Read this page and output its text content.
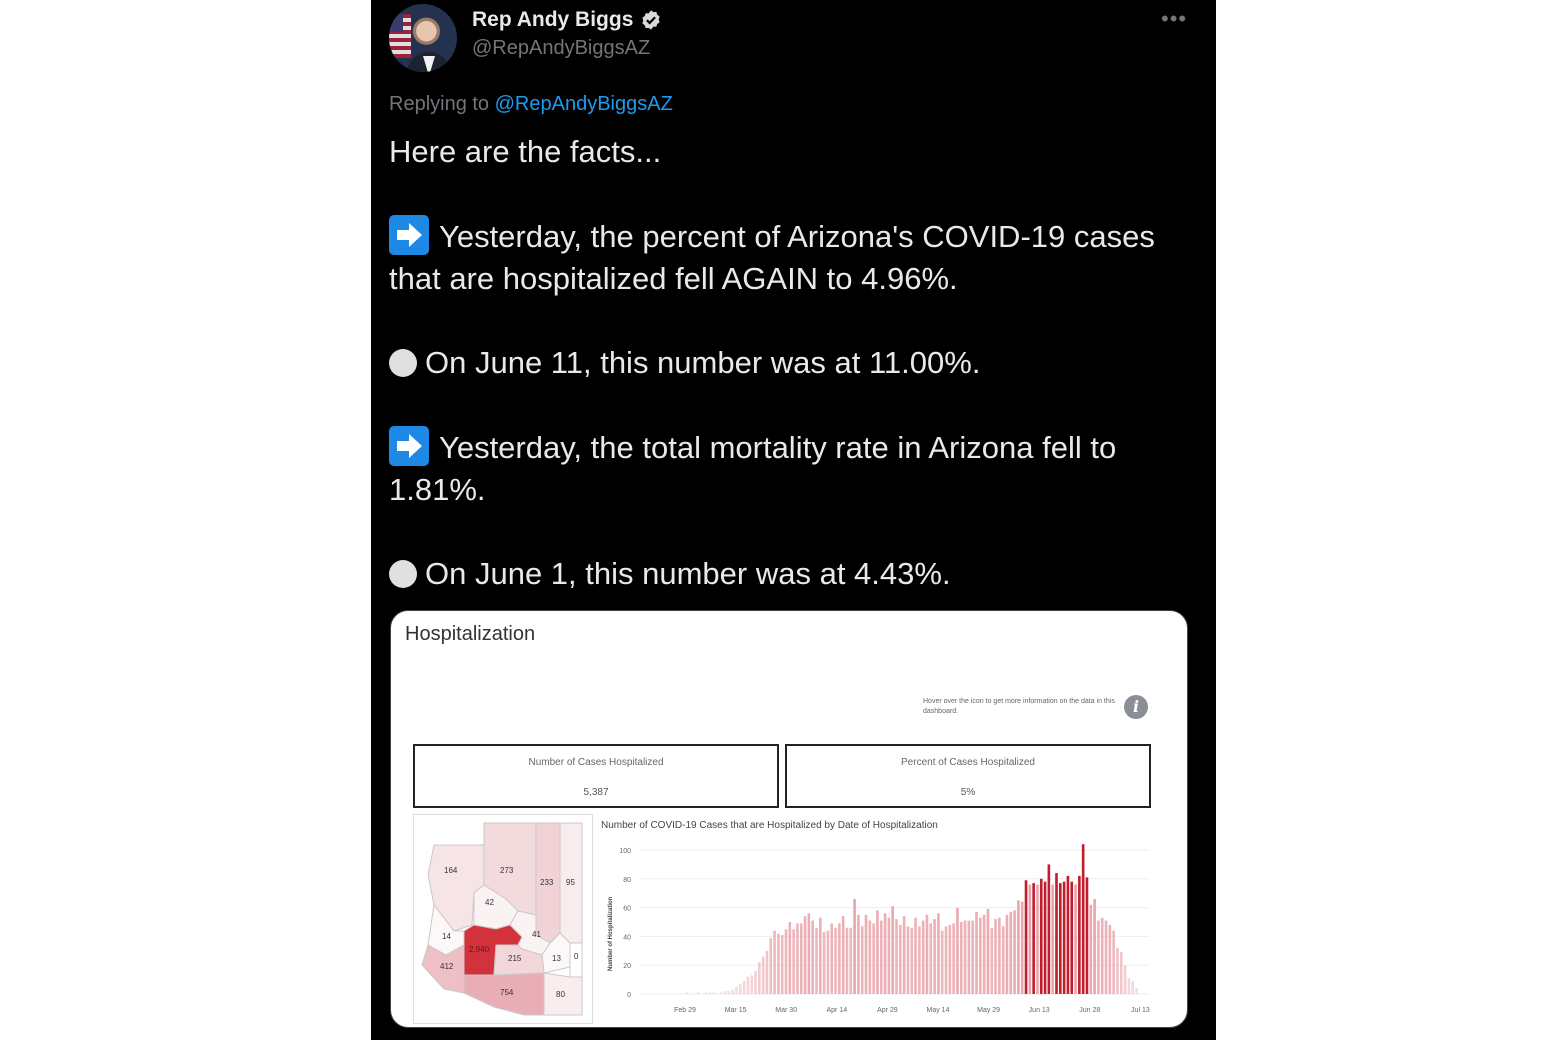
Rep Andy Biggs
@RepAndyBiggsAZ
•••
Replying to @RepAndyBiggsAZ

Here are the facts...

Yesterday, the percent of Arizona's COVID-19 cases that are hospitalized fell AGAIN to 4.96%.

On June 11, this number was at 11.00%.

Yesterday, the total mortality rate in Arizona fell to 1.81%.

On June 1, this number was at 4.43%.

Hospitalization
Hover over the icon to get more information on the data in this dashboard.	i
Number of Cases Hospitalized
5,387
Percent of Cases Hospitalized
5%
164	273
233 95
42
14
2,940
41
13 0
215
412
754	80
Number of COVID-19 Cases that are Hospitalized by Date of Hospitalization
Number of Hospitalization
100
80
60
40
20
0
Feb 29	Mar 15	Mar 30	Apr 14	Apr 29	May 14	May 29	Jun 13	Jun 28	Jul 13
